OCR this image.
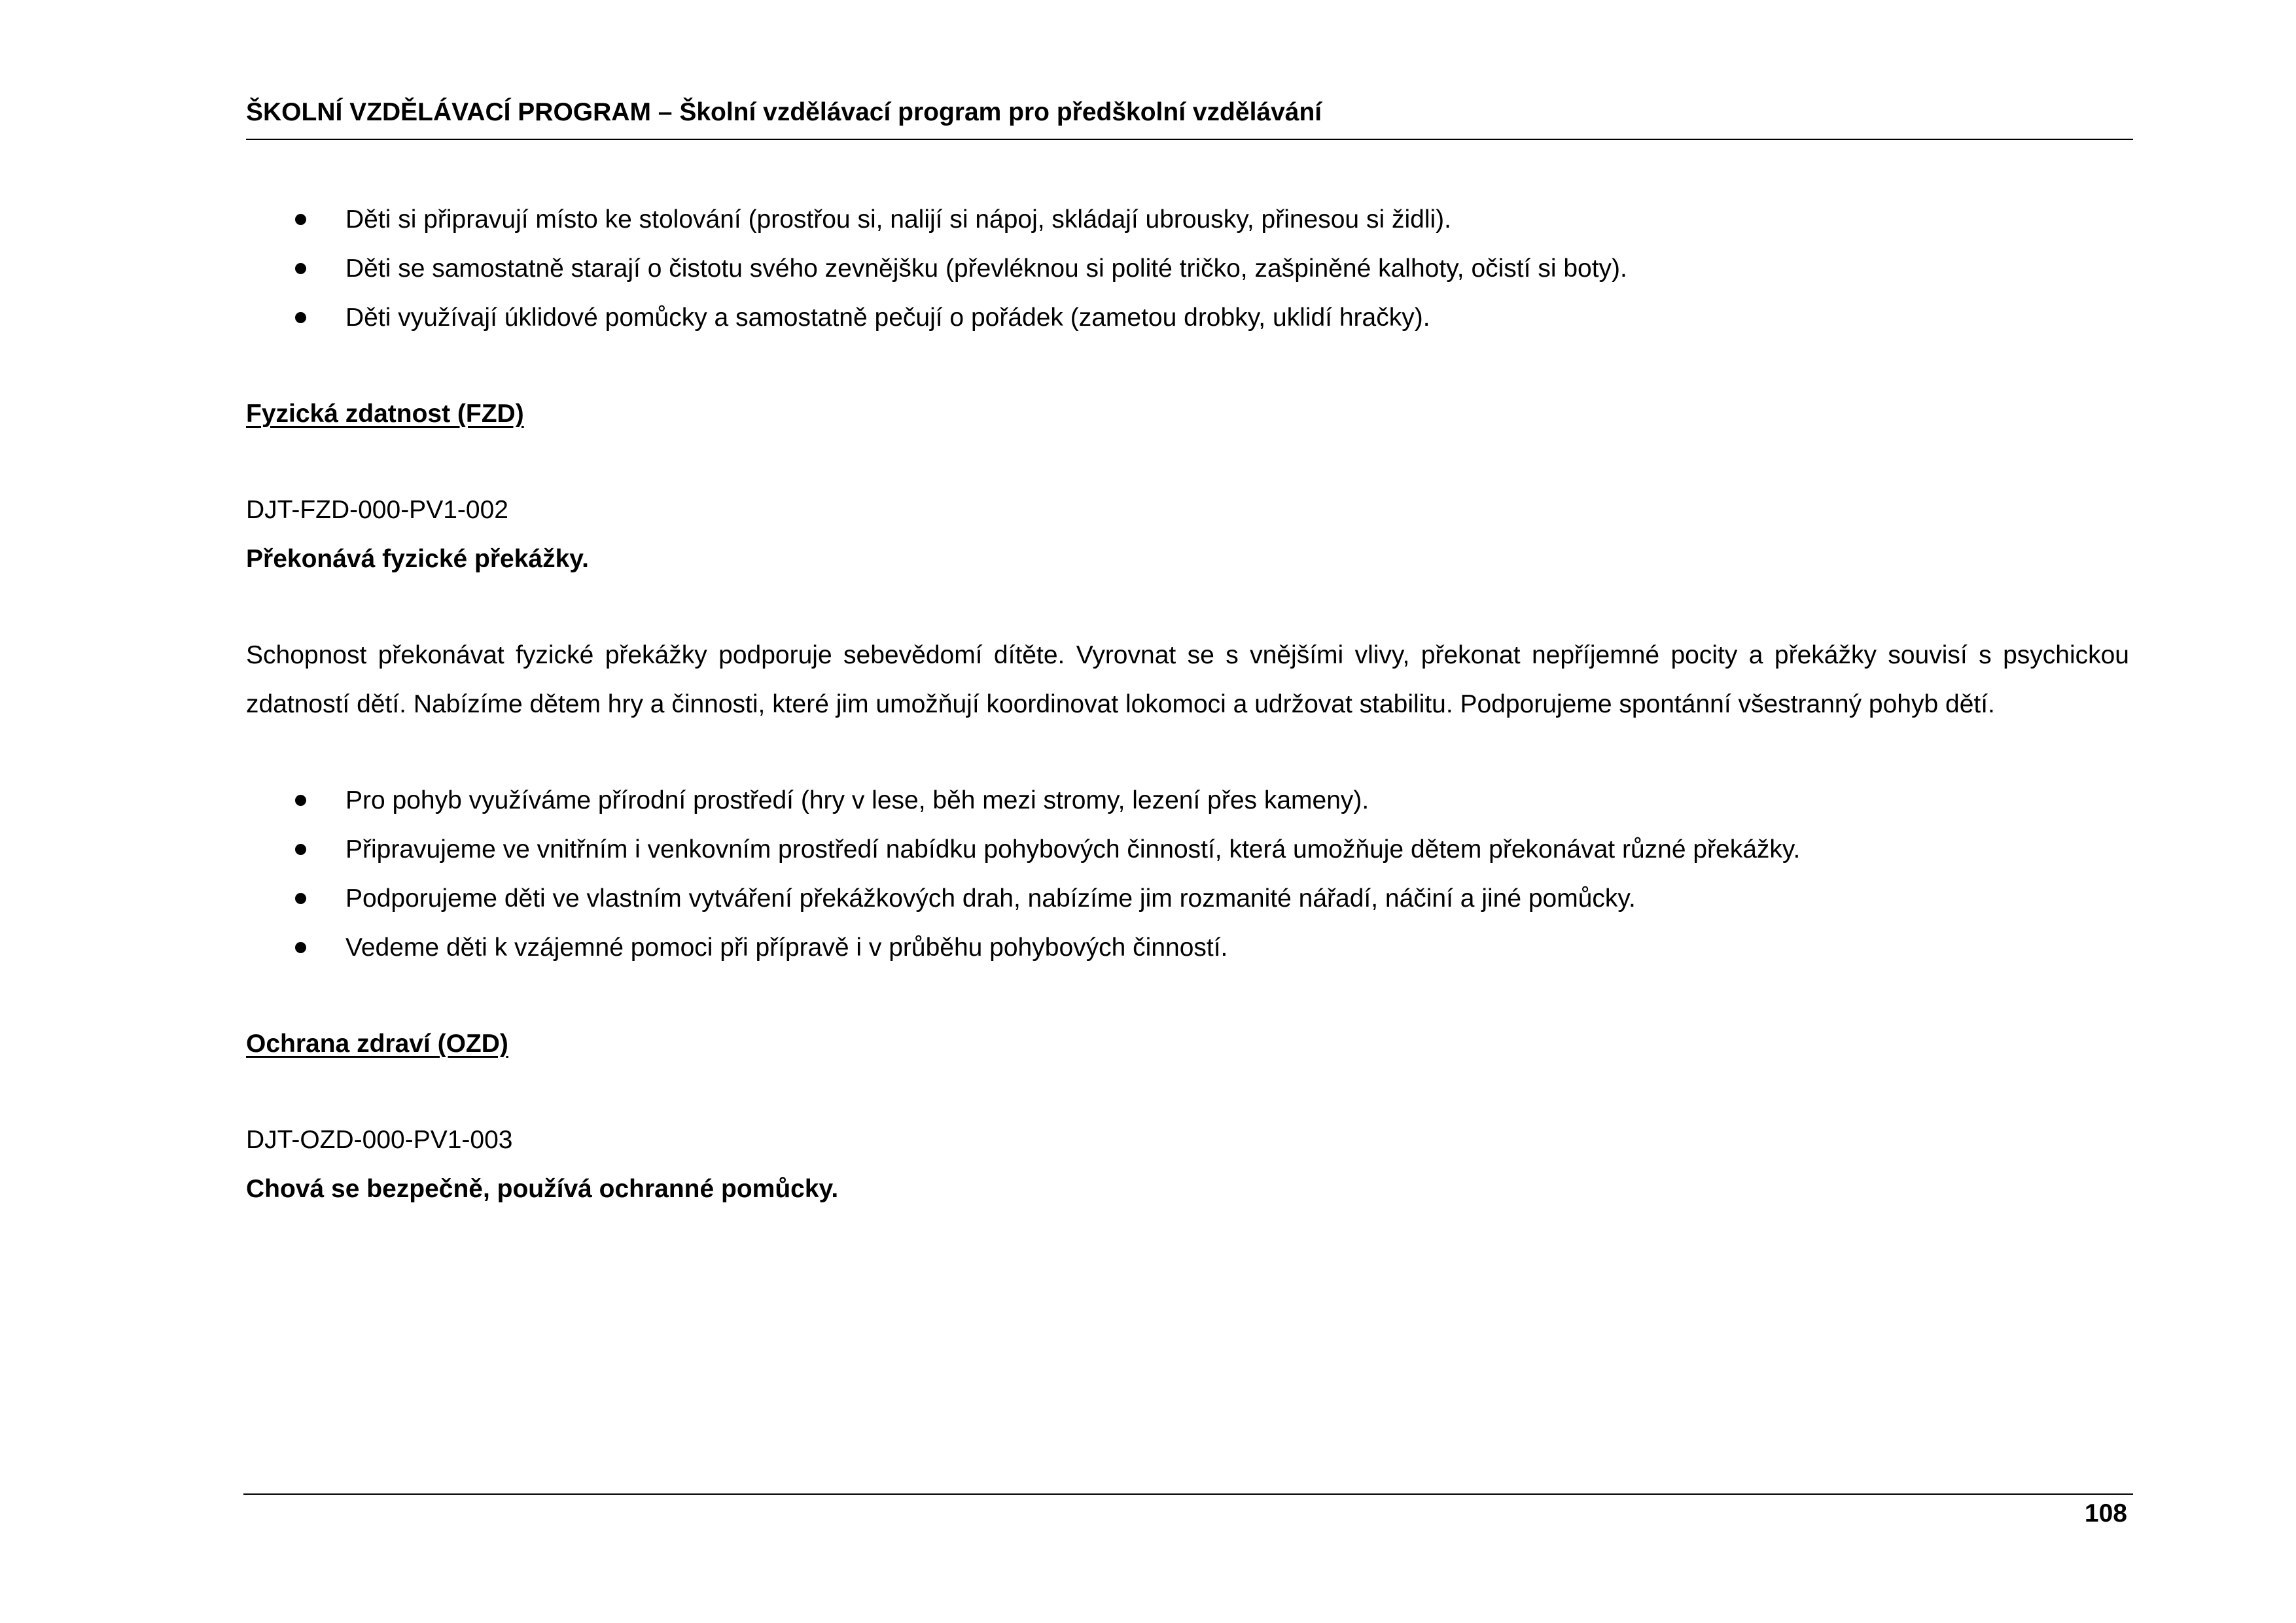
ŠKOLNÍ VZDĚLÁVACÍ PROGRAM – Školní vzdělávací program pro předškolní vzdělávání
Děti si připravují místo ke stolování (prostřou si, nalijí si nápoj, skládají ubrousky, přinesou si židli).
Děti se samostatně starají o čistotu svého zevnějšku (převléknou si polité tričko, zašpiněné kalhoty, očistí si boty).
Děti využívají úklidové pomůcky a samostatně pečují o pořádek (zametou drobky, uklidí hračky).
Fyzická zdatnost (FZD)
DJT-FZD-000-PV1-002
Překonává fyzické překážky.
Schopnost překonávat fyzické překážky podporuje sebevědomí dítěte. Vyrovnat se s vnějšími vlivy, překonat nepříjemné pocity a překážky souvisí s psychickou zdatností dětí. Nabízíme dětem hry a činnosti, které jim umožňují koordinovat lokomoci a udržovat stabilitu. Podporujeme spontánní všestranný pohyb dětí.
Pro pohyb využíváme přírodní prostředí (hry v lese, běh mezi stromy, lezení přes kameny).
Připravujeme ve vnitřním i venkovním prostředí nabídku pohybových činností, která umožňuje dětem překonávat různé překážky.
Podporujeme děti ve vlastním vytváření překážkových drah, nabízíme jim rozmanité nářadí, náčiní a jiné pomůcky.
Vedeme děti k vzájemné pomoci při přípravě i v průběhu pohybových činností.
Ochrana zdraví (OZD)
DJT-OZD-000-PV1-003
Chová se bezpečně, používá ochranné pomůcky.
108
